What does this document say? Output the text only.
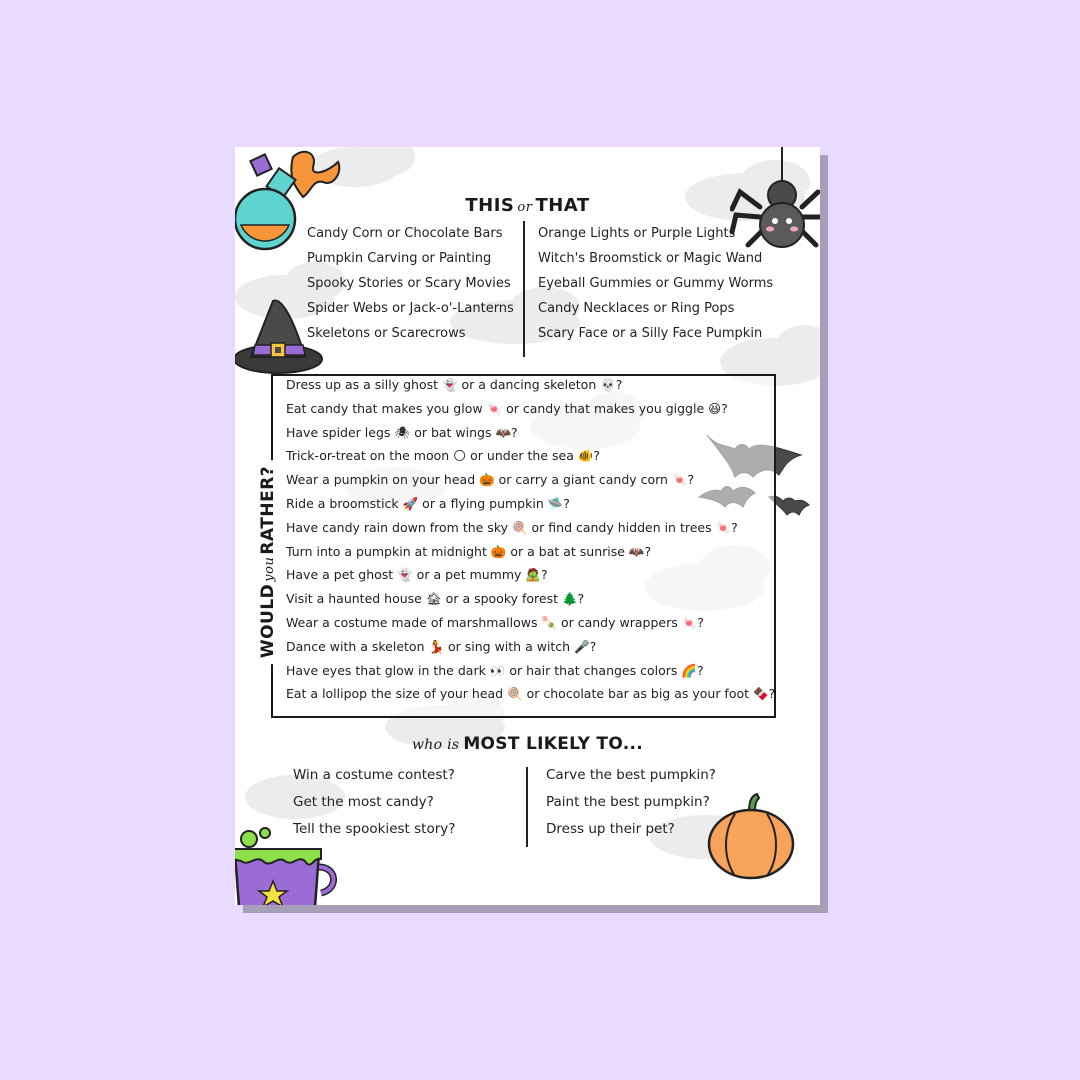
THIS or THAT
Candy Corn or Chocolate Bars
Pumpkin Carving or Painting
Spooky Stories or Scary Movies
Spider Webs or Jack-o'-Lanterns
Skeletons or Scarecrows
Orange Lights or Purple Lights
Witch's Broomstick or Magic Wand
Eyeball Gummies or Gummy Worms
Candy Necklaces or Ring Pops
Scary Face or a Silly Face Pumpkin
WOULDyouRATHER?
Dress up as a silly ghost 👻 or a dancing skeleton 💀?
Eat candy that makes you glow 🍬 or candy that makes you giggle 😆?
Have spider legs 🕷 or bat wings 🦇?
Trick-or-treat on the moon 🌕 or under the sea 🐠?
Wear a pumpkin on your head 🎃 or carry a giant candy corn 🍬?
Ride a broomstick 🚀 or a flying pumpkin 🛸?
Have candy rain down from the sky 🍭 or find candy hidden in trees 🍬?
Turn into a pumpkin at midnight 🎃 or a bat at sunrise 🦇?
Have a pet ghost 👻 or a pet mummy 🧟?
Visit a haunted house 🏚 or a spooky forest 🌲?
Wear a costume made of marshmallows 🍡 or candy wrappers 🍬?
Dance with a skeleton 💃 or sing with a witch 🎤?
Have eyes that glow in the dark 👀 or hair that changes colors 🌈?
Eat a lollipop the size of your head 🍭 or chocolate bar as big as your foot 🍫?
who is MOST LIKELY TO...
Win a costume contest?
Get the most candy?
Tell the spookiest story?
Carve the best pumpkin?
Paint the best pumpkin?
Dress up their pet?
